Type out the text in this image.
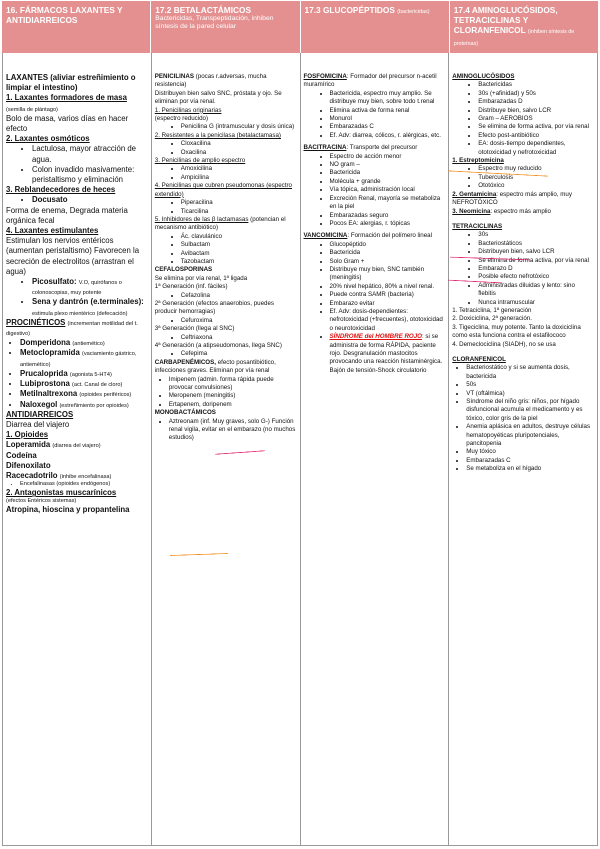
16. FÁRMACOS LAXANTES Y ANTIDIARREICOS
17.2 BETALACTÁMICOS
Bactericidas, Transpeptidación, inhiben síntesis de la pared celular
17.3 GLUCOPÉPTIDOS (bactericidas)	17.4 AMINOGLUCÓSIDOS, TETRACICLINAS Y CLORANFENICOL (inhiben síntesis de proteínas)

LAXANTES (aliviar estreñimiento o limpiar el intestino)

1. Laxantes formadores de masa (semilla de plántago)

Bolo de masa, varios días en hacer efecto

2. Laxantes osmóticos

• Lactulosa, mayor atracción de agua.
• Colon invadido masivamente: peristaltismo y eliminación

3. Reblandecedores de heces

• Docusato

Forma de enema, Degrada materia orgánica fecal

4. Laxantes estimulantes

Estimulan los nervios entéricos (aumentan peristaltismo) Favorecen la secreción de electrolitos (arrastran el agua)

• Picosulfato: V.O, quirófanos o colonoscopias, muy potente
• Sena y dantrón (e.terminales): estimula plexo mientérico (defecación)

PROCINÉTICOS (incrementan motilidad del t. digestivo)

• Domperidona (antiemético)
• Metoclopramida (vaciamiento gástrico, antiemético)
• Prucaloprida (agonista 5-HT4)
• Lubiprostona (act. Canal de cloro)
• Metilnaltrexona (opioides periféricos)
• Naloxegol (estreñimiento por opioides)

ANTIDIARREICOS

Diarrea del viajero

1. Opioides

Loperamida (diarrea del viajero)

Codeína

Difenoxilato

Racecadotrilo (inhibe encefalinasa)

• Encefalinasas (opioides endógenos)

2. Antagonistas muscarínicos

(efectos Entéricos sistemas)

Atropina, hioscina y propantelina

PENICILINAS (pocas r.adversas, mucha resistencia)

Distribuyen bien salvo SNC, próstata y ojo. Se eliminan por vía renal.

1. Penicilinas originarias

(espectro reducido)

• Penicilina G (intramuscular y dosis única)

2. Resistentes a la penicilasa (betalactamasa)

• Cloxacilina
• Oxacilina

3. Penicilinas de amplio espectro

• Amoxicilina
• Ampicilina

4. Penicilinas que cubren pseudomonas (espectro extendido)

• Piperacilina
• Ticarcilina

5. Inhibidores de las β lactamasas (potencian el mecanismo antibiótico)

• Ác. clavulánico
• Sulbactam
• Avibactam
• Tazobactam

CEFALOSPORINAS

Se elimina por vía renal, 1ª ligada

1ª Generación (inf. fáciles)

• Cefazolina

2ª Generación (efectos anaerobios, puedes producir hemorragias)

• Cefuroxima

3ª Generación (llega al SNC)

• Ceftriaxona

4ª Generación (a atipseudomonas, llega SNC)

• Cefepima

CARBAPENÉMICOS, efecto posantibiótico, infecciones graves. Eliminan por vía renal

• Imipenem (admin. forma rápida puede provocar convulsiones)
• Meropenem (meningitis)
• Ertapenem, doripenem

MONOBACTÁMICOS

• Aztreonam (inf. Muy graves, solo G-) Función renal vigila, evitar en el embarazo (no muchos estudios)

FOSFOMICINA: Formador del precursor n-acetil muramírico

• Bactericida, espectro muy amplio. Se distribuye muy bien, sobre todo t.renal
• Elimina activa de forma renal
• Monurol
• Embarazadas C
• Ef. Adv: diarrea, cólicos, r. alérgicas, etc.

BACITRACINA: Transporte del precursor

• Espectro de acción menor
• NO gram –
• Bactericida
• Molécula + grande
• Vía tópica, administración local
• Excreción Renal, mayoría se metaboliza en la piel
• Embarazadas seguro
• Pocos EA: alergias, r. tópicas

VANCOMICINA: Formación del polímero lineal

• Glucopéptido
• Bactericida
• Solo Gram +
• Distribuye muy bien, SNC también (meningitis)
• 20% nivel hepático, 80% a nivel renal.
• Puede contra SAMR (bacteria)
• Embarazo evitar
• Ef. Adv: dosis-dependientes: nefrotoxicidad (+frecuentes), ototoxicidad o neurotoxicidad
• SÍNDROME del HOMBRE ROJO: si se administra de forma RÁPIDA, paciente rojo. Desgranulación mastocitos provocando una reacción histaminérgica. Bajón de tensión-Shock circulatorio

AMINOGLUCÓSIDOS

• Bactericidas
• 30s (+afinidad) y 50s
• Embarazadas D
• Distribuye bien, salvo LCR
• Gram – AEROBIOS
• Se elimina de forma activa, por vía renal
• Efecto post-antibiótico
• EA: dosis-tiempo dependientes, ototoxicidad y nefrotoxicidad

1. Estreptomicina

• Espectro muy reducido
• Tuberculosis
• Ototóxico

2. Gentamicina: espectro más amplio, muy NEFROTÓXICO

3. Neomicina: espectro más amplio

TETRACICLINAS

• 30s
• Bacteriostáticos
• Distribuyen bien, salvo LCR
• Se elimina de forma activa, por vía renal
• Embarazo D
• Posible efecto nefrotóxico
• Administradas diluidas y lento: sino flebitis
• Nunca intramuscular

1. Tetraciclina, 1ª generación

2. Doxiciclina, 2ª generación.

3. Tigeciclina, muy potente. Tanto la doxiciclina como esta funciona contra el estafilococo

4. Demeclociclina (SIADH), no se usa

CLORANFENICOL

• Bacteriostático y si se aumenta dosis, bactericida
• 50s
• VT (oftálmica)
• Síndrome del niño gris: niños, por hígado disfuncional acumula el medicamento y es tóxico, color gris de la piel
• Anemia aplásica en adultos, destruye células hematopoyéticas pluripotenciales, pancitopenia
• Muy tóxico
• Embarazadas C
• Se metaboliza en el hígado
